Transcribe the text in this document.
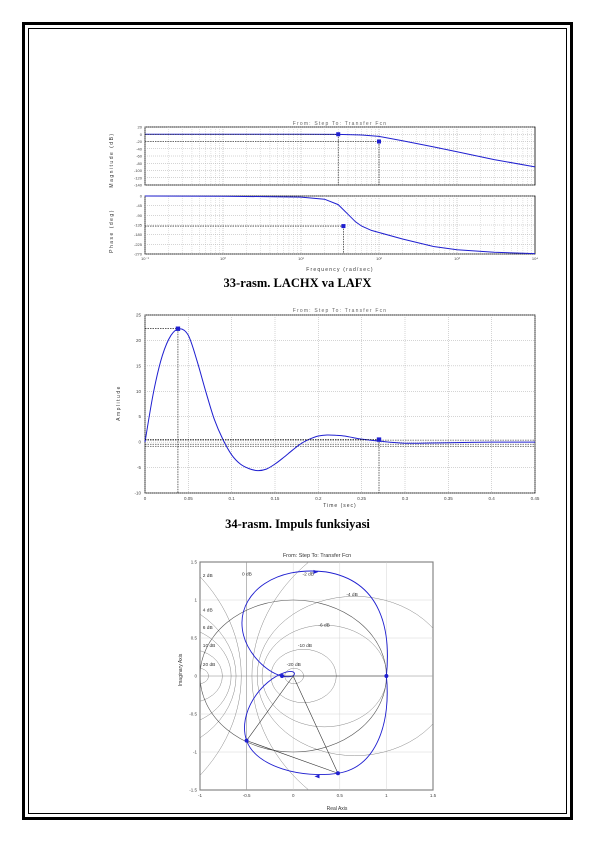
From: Step To: Transfer Fcn
Magnitude (dB)
Phase (deg)
Frequency (rad/sec)
20
0
-20
-40
-60
-80
-100
-120
-140
0
-45
-90
-135
-180
-225
-270
10⁻¹	10⁰	10¹	10²	10³	10⁴
33-rasm. LACHX va LAFX
From: Step To: Transfer Fcn
Amplitude
Time (sec)
0	0.05	0.1	0.15	0.2	0.25	0.3	0.35	0.4	0.45
25
20
15
10
5
0
-5
-10
34-rasm. Impuls funksiyasi
From: Step To: Transfer Fcn
Imaginary Axis
Real Axis
-1	-0.5	0	0.5	1	1.5
1.5
1
0.5
0
-0.5
-1
-1.5
2 dB	0 dB	-2 dB
-4 dB
4 dB
6 dB	-6 dB
10 dB	-10 dB
20 dB	-20 dB
